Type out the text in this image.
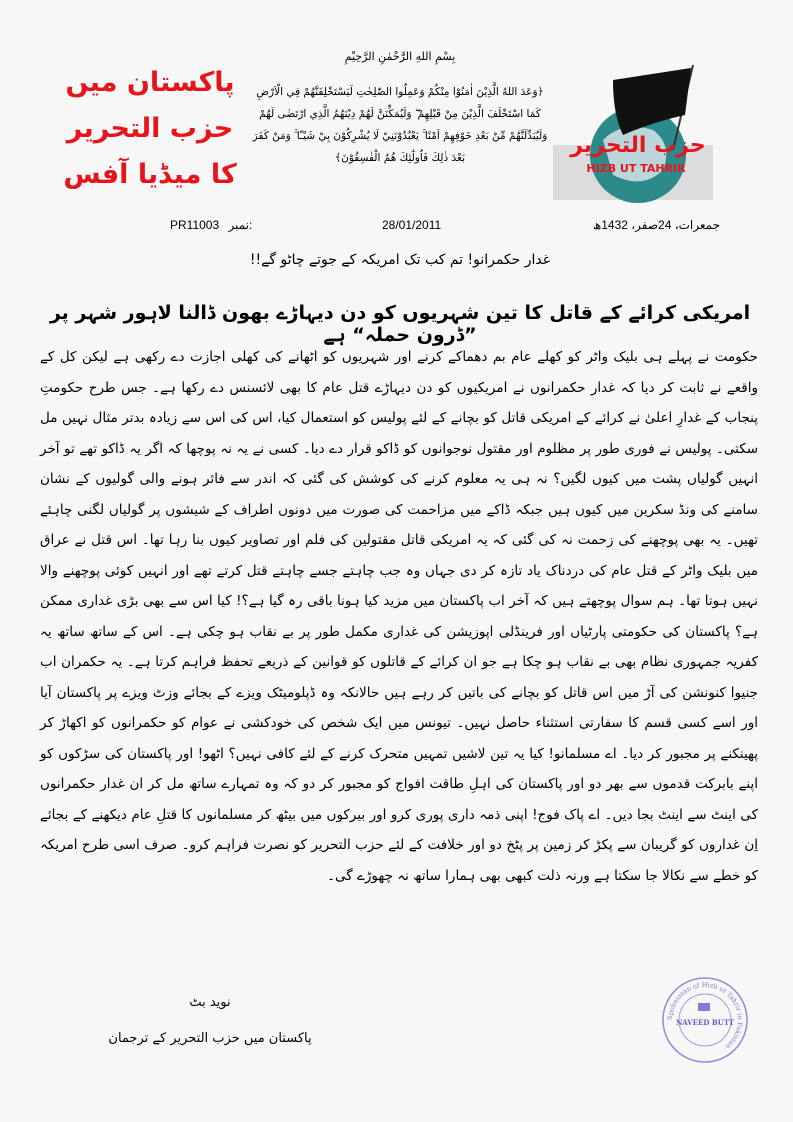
پاکستان میں
حزب التحریر
کا میڈیا آفس
بِسْمِ اللهِ الرَّحْمٰنِ الرَّحِيْمِ
﴿وَعَدَ اللهُ الَّذِيْنَ اٰمَنُوْا مِنْكُمْ وَعَمِلُوا الصّٰلِحٰتِ لَيَسْتَخْلِفَنَّهُمْ فِي الْاَرْضِ
كَمَا اسْتَخْلَفَ الَّذِيْنَ مِنْ قَبْلِهِمْ ۖ وَلَيُمَكِّنَنَّ لَهُمْ دِيْنَهُمُ الَّذِي ارْتَضٰى لَهُمْ
وَلَيُبَدِّلَنَّهُمْ مِّنْ بَعْدِ خَوْفِهِمْ اَمْنًا ۚ يَعْبُدُوْنَنِيْ لَا يُشْرِكُوْنَ بِيْ شَيْـًٔا ۚ وَمَنْ كَفَرَ
بَعْدَ ذٰلِكَ فَاُولٰٓئِكَ هُمُ الْفٰسِقُوْنَ﴾	حزب التحرير
HIZB UT TAHRIR
PR11003 نمبر:	28/01/2011	جمعرات، 24صفر، 1432ھ
غدار حکمرانو! تم کب تک امریکہ کے جوتے چاٹو گے!!
امریکی کرائے کے قاتل کا تین شہریوں کو دن دیہاڑے بھون ڈالنا لاہور شہر پر ”ڈرون حملہ“ ہے
حکومت نے پہلے ہی بلیک واٹر کو کھلے عام بم دھماکے کرنے اور شہریوں کو اٹھانے کی کھلی اجازت دے رکھی ہے لیکن کل کے واقعے نے ثابت کر دیا کہ غدار حکمرانوں نے امریکیوں کو دن دیہاڑے قتل عام کا بھی لائسنس دے رکھا ہے۔ جس طرح حکومتِ پنجاب کے غدارِ اعلیٰ نے کرائے کے امریکی قاتل کو بچانے کے لئے پولیس کو استعمال کیا، اس کی اس سے زیادہ بدتر مثال نہیں مل سکتی۔ پولیس نے فوری طور پر مظلوم اور مقتول نوجوانوں کو ڈاکو قرار دے دیا۔ کسی نے یہ نہ پوچھا کہ اگر یہ ڈاکو تھے تو آخر انہیں گولیاں پشت میں کیوں لگیں؟ نہ ہی یہ معلوم کرنے کی کوشش کی گئی کہ اندر سے فائر ہونے والی گولیوں کے نشان سامنے کی ونڈ سکرین میں کیوں ہیں جبکہ ڈاکے میں مزاحمت کی صورت میں دونوں اطراف کے شیشوں پر گولیاں لگنی چاہئے تھیں۔ یہ بھی پوچھنے کی زحمت نہ کی گئی کہ یہ امریکی قاتل مقتولین کی فلم اور تصاویر کیوں بنا رہا تھا۔ اس قتل نے عراق میں بلیک واٹر کے قتل عام کی دردناک یاد تازہ کر دی جہاں وہ جب چاہتے جسے چاہتے قتل کرتے تھے اور انہیں کوئی پوچھنے والا نہیں ہوتا تھا۔ ہم سوال پوچھتے ہیں کہ آخر اب پاکستان میں مزید کیا ہونا باقی رہ گیا ہے؟! کیا اس سے بھی بڑی غداری ممکن ہے؟ پاکستان کی حکومتی پارٹیاں اور فرینڈلی اپوزیشن کی غداری مکمل طور پر بے نقاب ہو چکی ہے۔ اس کے ساتھ ساتھ یہ کفریہ جمہوری نظام بھی بے نقاب ہو چکا ہے جو ان کرائے کے قاتلوں کو قوانین کے ذریعے تحفظ فراہم کرتا ہے۔ یہ حکمران اب جنیوا کنونشن کی آڑ میں اس قاتل کو بچانے کی باتیں کر رہے ہیں حالانکہ وہ ڈپلومیٹک ویزے کے بجائے وزٹ ویزے پر پاکستان آیا اور اسے کسی قسم کا سفارتی استثناء حاصل نہیں۔ تیونس میں ایک شخص کی خودکشی نے عوام کو حکمرانوں کو اکھاڑ کر پھینکنے پر مجبور کر دیا۔ اے مسلمانو! کیا یہ تین لاشیں تمہیں متحرک کرنے کے لئے کافی نہیں؟ اٹھو! اور پاکستان کی سڑکوں کو اپنے بابرکت قدموں سے بھر دو اور پاکستان کی اہلِ طاقت افواج کو مجبور کر دو کہ وہ تمہارے ساتھ مل کر ان غدار حکمرانوں کی اینٹ سے اینٹ بجا دیں۔ اے پاک فوج! اپنی ذمہ داری پوری کرو اور بیرکوں میں بیٹھ کر مسلمانوں کا قتلِ عام دیکھنے کے بجائے اِن غداروں کو گریبان سے پکڑ کر زمین پر پٹخ دو اور خلافت کے لئے حزب التحریر کو نصرت فراہم کرو۔ صرف اسی طرح امریکہ کو خطے سے نکالا جا سکتا ہے ورنہ ذلت کبھی بھی ہمارا ساتھ نہ چھوڑے گی۔
نوید بٹ
پاکستان میں حزب التحریر کے ترجمان
Spokesman of Hizb ut Tahrir in Pakistan
NAVEED BUTT
